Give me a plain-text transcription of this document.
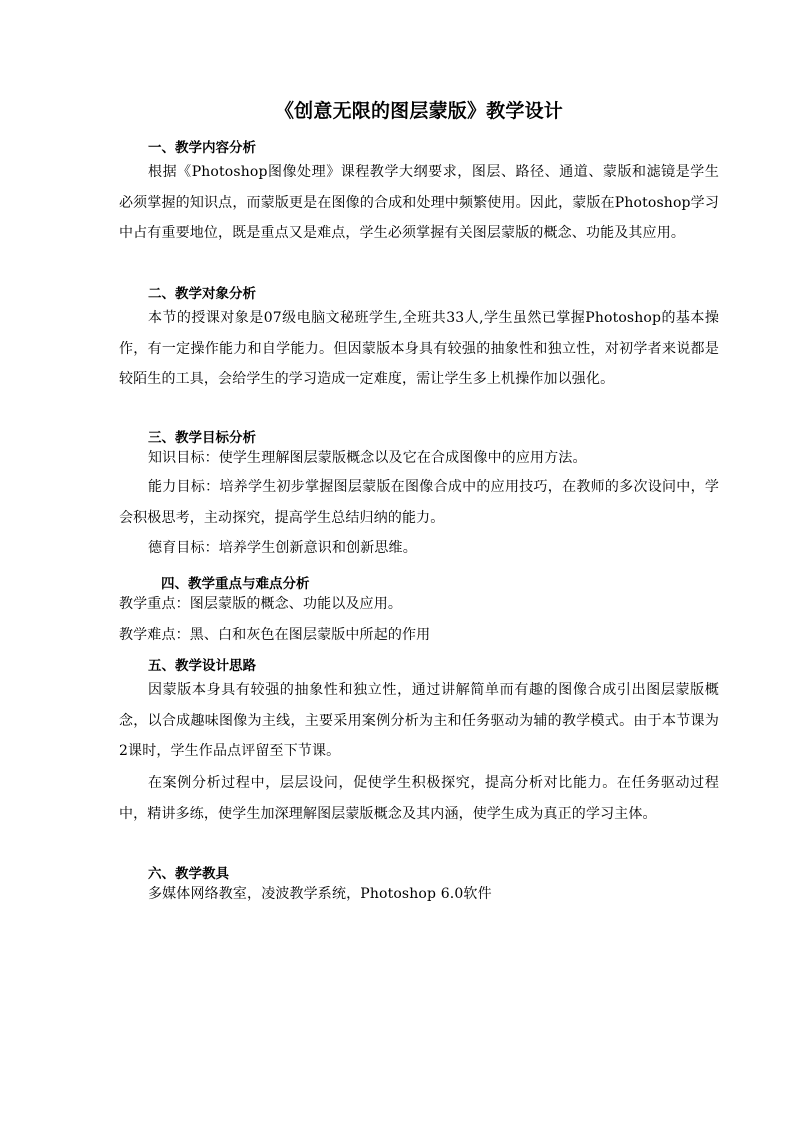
《创意无限的图层蒙版》教学设计
一、教学内容分析

根据《Photoshop图像处理》课程教学大纲要求，图层、路径、通道、蒙版和滤镜是学生必须掌握的知识点，而蒙版更是在图像的合成和处理中频繁使用。因此，蒙版在Photoshop学习中占有重要地位，既是重点又是难点，学生必须掌握有关图层蒙版的概念、功能及其应用。

二、教学对象分析

本节的授课对象是07级电脑文秘班学生,全班共33人,学生虽然已掌握Photoshop的基本操作，有一定操作能力和自学能力。但因蒙版本身具有较强的抽象性和独立性，对初学者来说都是较陌生的工具，会给学生的学习造成一定难度，需让学生多上机操作加以强化。

三、教学目标分析

知识目标：使学生理解图层蒙版概念以及它在合成图像中的应用方法。

能力目标：培养学生初步掌握图层蒙版在图像合成中的应用技巧，在教师的多次设问中，学会积极思考，主动探究，提高学生总结归纳的能力。

德育目标：培养学生创新意识和创新思维。

四、教学重点与难点分析

教学重点：图层蒙版的概念、功能以及应用。

教学难点：黑、白和灰色在图层蒙版中所起的作用

五、教学设计思路

因蒙版本身具有较强的抽象性和独立性，通过讲解简单而有趣的图像合成引出图层蒙版概念，以合成趣味图像为主线，主要采用案例分析为主和任务驱动为辅的教学模式。由于本节课为2课时，学生作品点评留至下节课。

在案例分析过程中，层层设问，促使学生积极探究，提高分析对比能力。在任务驱动过程中，精讲多练，使学生加深理解图层蒙版概念及其内涵，使学生成为真正的学习主体。

六、教学教具

多媒体网络教室，凌波教学系统，Photoshop 6.0软件
